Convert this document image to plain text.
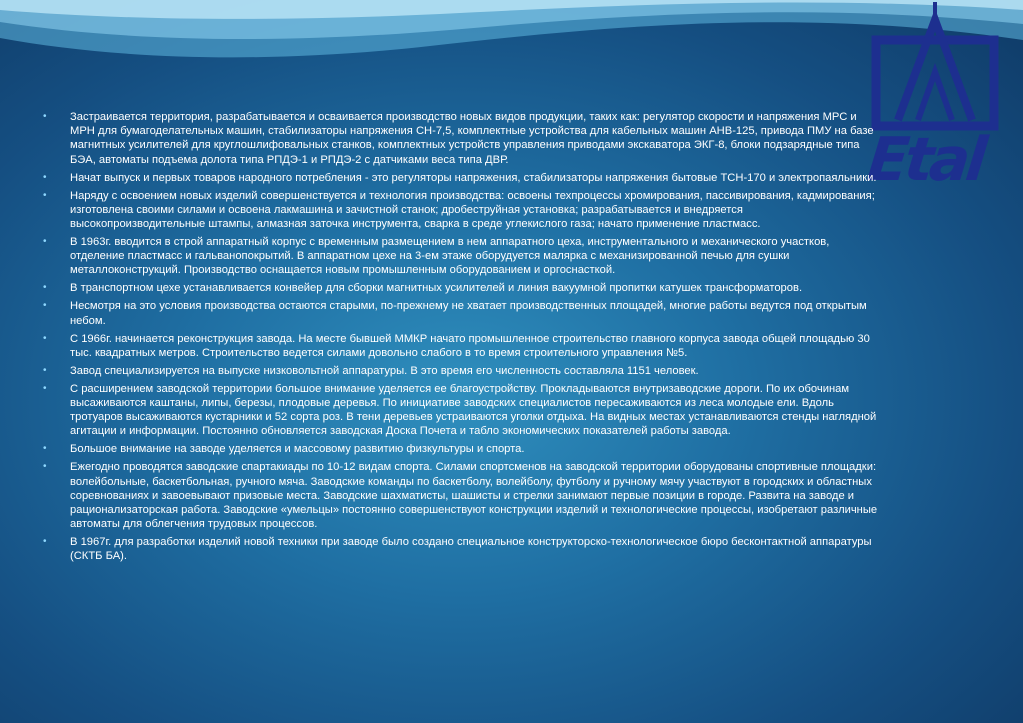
Etal
• Застраивается территория, разрабатывается и осваивается производство новых видов продукции, таких как: регулятор скорости и напряжения МРС и МРН для бумагоделательных машин, стабилизаторы напряжения СН-7,5, комплектные устройства для кабельных машин АНВ-125, привода ПМУ на базе магнитных усилителей для круглошлифовальных станков, комплектных устройств управления приводами экскаватора ЭКГ-8, блоки подзарядные типа БЭА, автоматы подъема долота типа РПДЭ-1 и РПДЭ-2 с датчиками веса типа ДВР.
• Начат выпуск и первых товаров народного потребления - это регуляторы напряжения, стабилизаторы напряжения бытовые ТСН-170 и электропаяльники.
• Наряду с освоением новых изделий совершенствуется и технология производства: освоены техпроцессы хромирования, пассивирования, кадмирования; изготовлена своими силами и освоена лакмашина и зачистной станок; дробеструйная установка; разрабатывается и внедряется высокопроизводительные штампы, алмазная заточка инструмента, сварка в среде углекислого газа; начато применение пластмасс.
• В 1963г. вводится в строй аппаратный корпус с временным размещением в нем аппаратного цеха, инструментального и механического участков, отделение пластмасс и гальванопокрытий. В аппаратном цехе на 3-ем этаже оборудуется малярка с механизированной печью для сушки металлоконструкций. Производство оснащается новым промышленным оборудованием и оргоснасткой.
• В транспортном цехе устанавливается конвейер для сборки магнитных усилителей и линия вакуумной пропитки катушек трансформаторов.
• Несмотря на это условия производства остаются старыми, по-прежнему не хватает производственных площадей, многие работы ведутся под открытым небом.
• С 1966г. начинается реконструкция завода. На месте бывшей ММКР начато промышленное строительство главного корпуса завода общей площадью 30 тыс. квадратных метров. Строительство ведется силами довольно слабого в то время строительного управления №5.
• Завод специализируется на выпуске низковольтной аппаратуры. В это время его численность составляла 1151 человек.
• С расширением заводской территории большое внимание уделяется ее благоустройству. Прокладываются внутризаводские дороги. По их обочинам высаживаются каштаны, липы, березы, плодовые деревья. По инициативе заводских специалистов пересаживаются из леса молодые ели. Вдоль тротуаров высаживаются кустарники и 52 сорта роз. В тени деревьев устраиваются уголки отдыха. На видных местах устанавливаются стенды наглядной агитации и информации. Постоянно обновляется заводская Доска Почета и табло экономических показателей работы завода.
• Большое внимание на заводе уделяется и массовому развитию физкультуры и спорта.
• Ежегодно проводятся заводские спартакиады по 10-12 видам спорта. Силами спортсменов на заводской территории оборудованы спортивные площадки: волейбольные, баскетбольная, ручного мяча. Заводские команды по баскетболу, волейболу, футболу и ручному мячу участвуют в городских и областных соревнованиях и завоевывают призовые места. Заводские шахматисты, шашисты и стрелки занимают первые позиции в городе. Развита на заводе и рационализаторская работа. Заводские «умельцы» постоянно совершенствуют конструкции изделий и технологические процессы, изобретают различные автоматы для облегчения трудовых процессов.
• В 1967г. для разработки изделий новой техники при заводе было создано специальное конструкторско-технологическое бюро бесконтактной аппаратуры (СКТБ БА).
